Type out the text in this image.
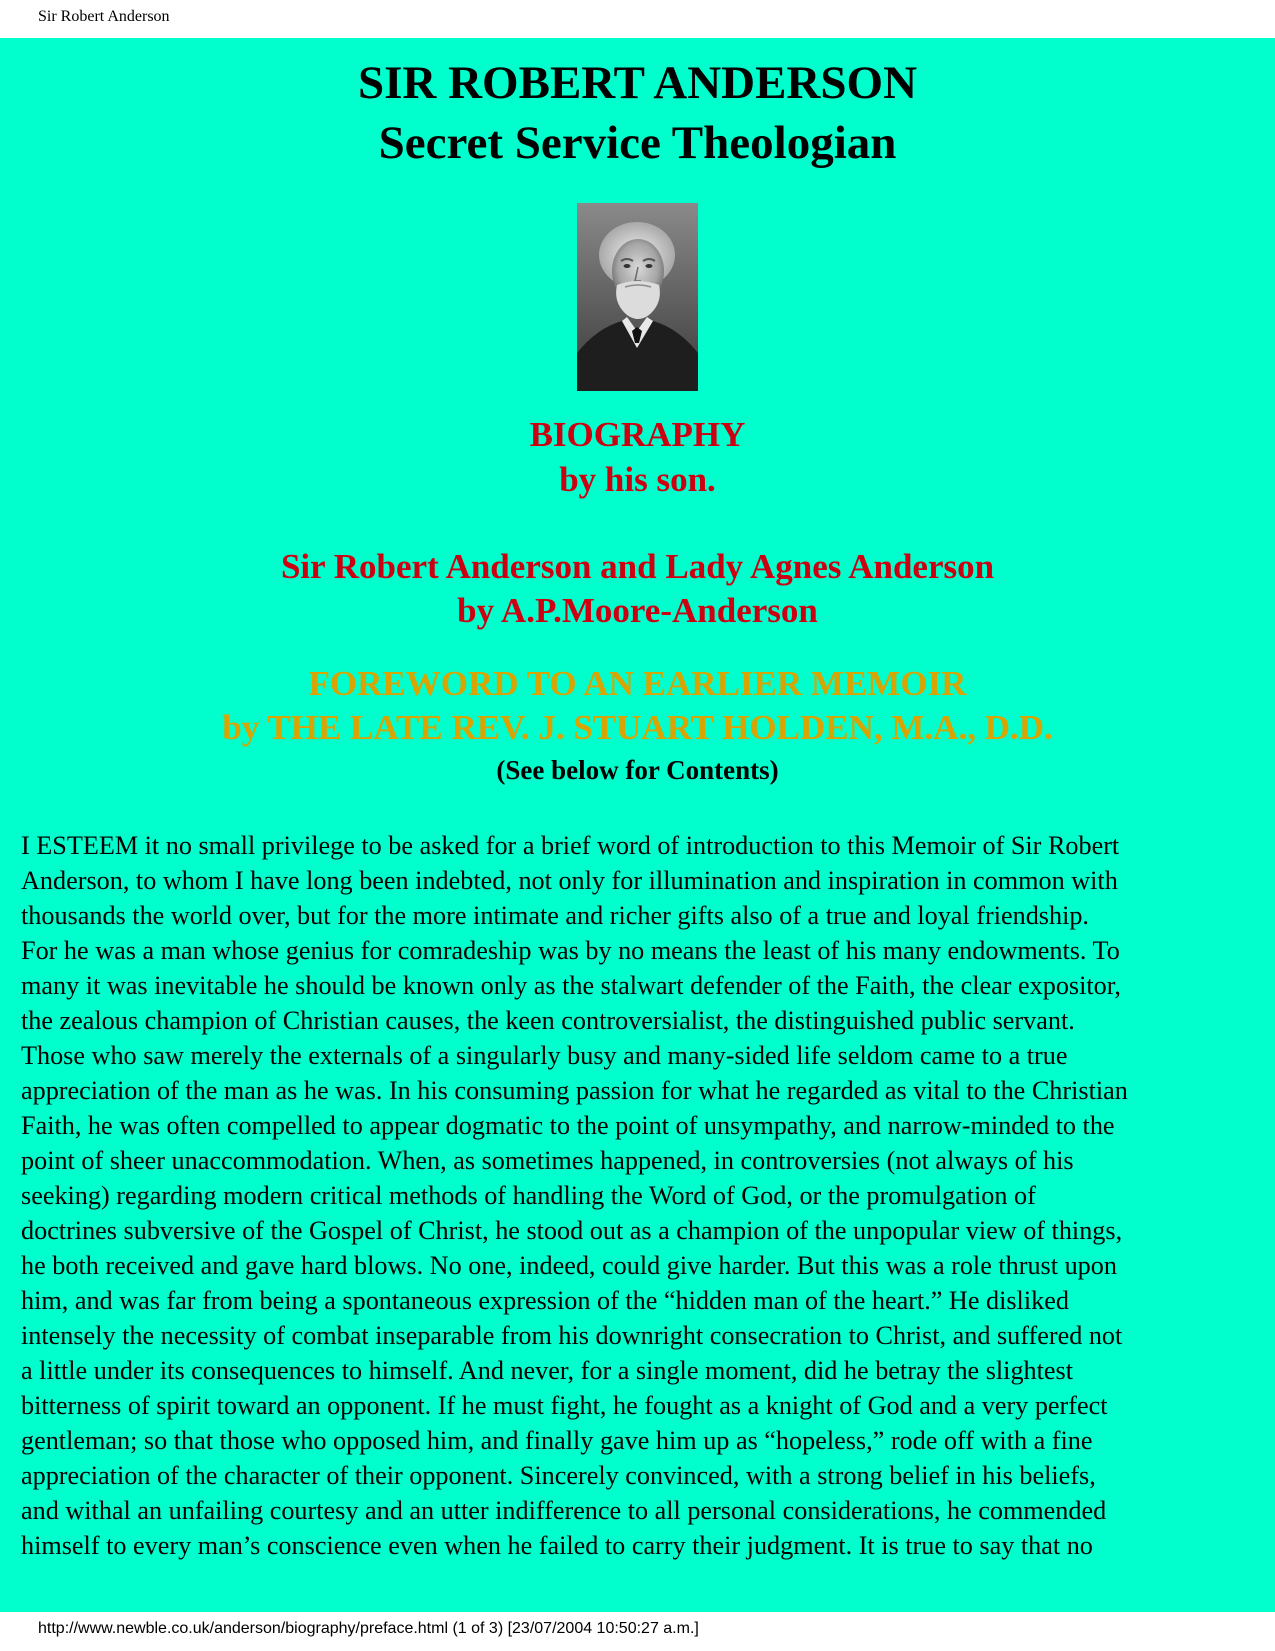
Sir Robert Anderson
SIR ROBERT ANDERSON
Secret Service Theologian
BIOGRAPHY
by his son.
Sir Robert Anderson and Lady Agnes Anderson
by A.P.Moore-Anderson
FOREWORD TO AN EARLIER MEMOIR
by THE LATE REV. J. STUART HOLDEN, M.A., D.D.
(See below for Contents)
I ESTEEM it no small privilege to be asked for a brief word of introduction to this Memoir of Sir Robert
Anderson, to whom I have long been indebted, not only for illumination and inspiration in common with
thousands the world over, but for the more intimate and richer gifts also of a true and loyal friendship.
For he was a man whose genius for comradeship was by no means the least of his many endowments. To
many it was inevitable he should be known only as the stalwart defender of the Faith, the clear expositor,
the zealous champion of Christian causes, the keen controversialist, the distinguished public servant.
Those who saw merely the externals of a singularly busy and many-sided life seldom came to a true
appreciation of the man as he was. In his consuming passion for what he regarded as vital to the Christian
Faith, he was often compelled to appear dogmatic to the point of unsympathy, and narrow-minded to the
point of sheer unaccommodation. When, as sometimes happened, in controversies (not always of his
seeking) regarding modern critical methods of handling the Word of God, or the promulgation of
doctrines subversive of the Gospel of Christ, he stood out as a champion of the unpopular view of things,
he both received and gave hard blows. No one, indeed, could give harder. But this was a role thrust upon
him, and was far from being a spontaneous expression of the “hidden man of the heart.” He disliked
intensely the necessity of combat inseparable from his downright consecration to Christ, and suffered not
a little under its consequences to himself. And never, for a single moment, did he betray the slightest
bitterness of spirit toward an opponent. If he must fight, he fought as a knight of God and a very perfect
gentleman; so that those who opposed him, and finally gave him up as “hopeless,” rode off with a fine
appreciation of the character of their opponent. Sincerely convinced, with a strong belief in his beliefs,
and withal an unfailing courtesy and an utter indifference to all personal considerations, he commended
himself to every man’s conscience even when he failed to carry their judgment. It is true to say that no
http://www.newble.co.uk/anderson/biography/preface.html (1 of 3) [23/07/2004 10:50:27 a.m.]
